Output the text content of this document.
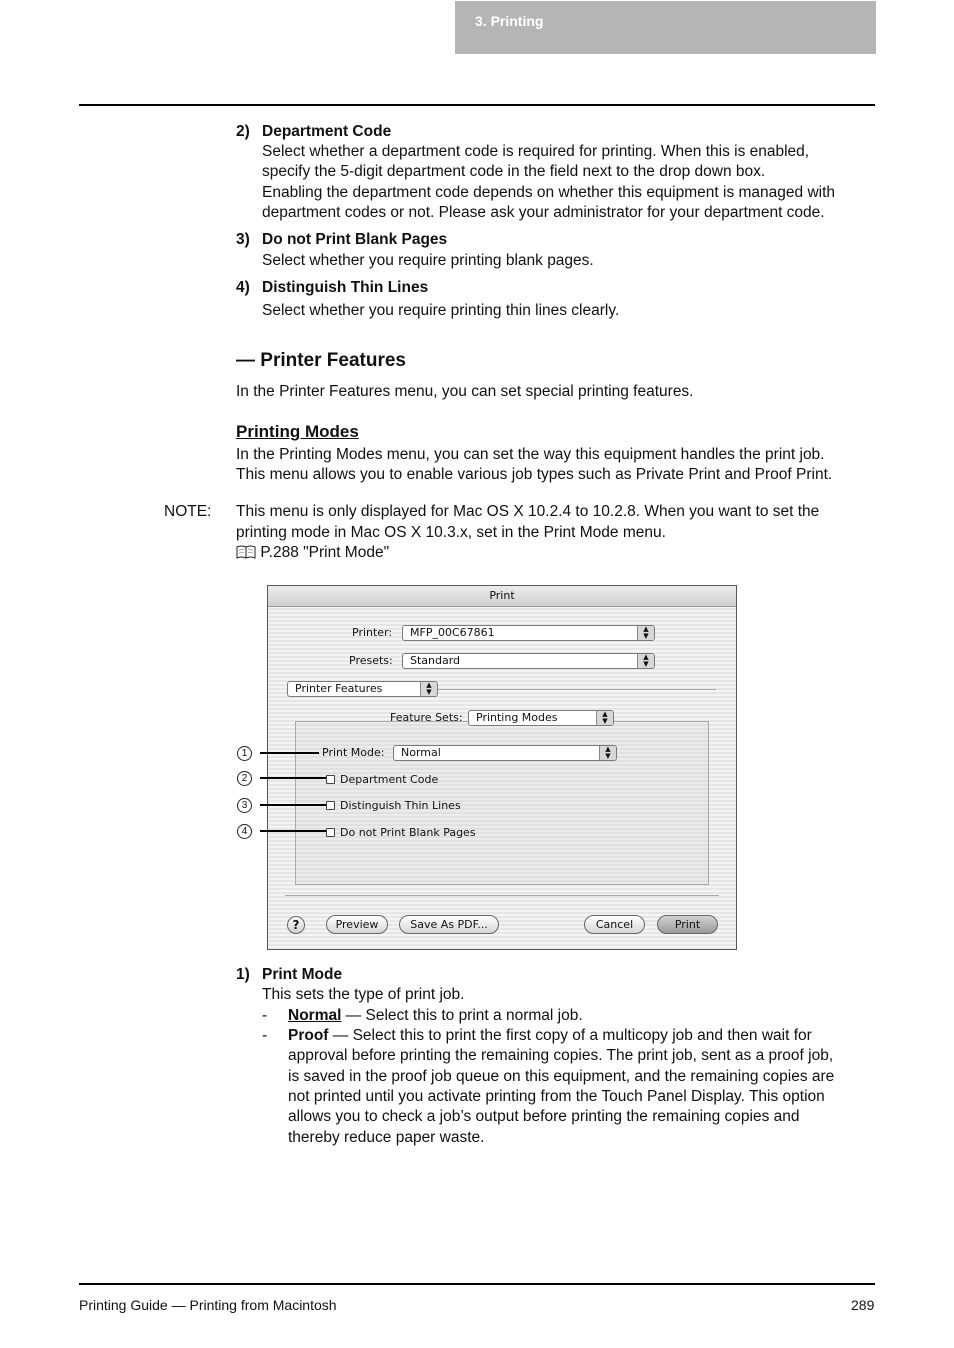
3. Printing
2) Department Code
Select whether a department code is required for printing. When this is enabled,
specify the 5-digit department code in the field next to the drop down box.
Enabling the department code depends on whether this equipment is managed with
department codes or not. Please ask your administrator for your department code.
3) Do not Print Blank Pages
Select whether you require printing blank pages.
4) Distinguish Thin Lines
Select whether you require printing thin lines clearly.
— Printer Features
In the Printer Features menu, you can set special printing features.
Printing Modes
In the Printing Modes menu, you can set the way this equipment handles the print job.
This menu allows you to enable various job types such as Private Print and Proof Print.
NOTE: This menu is only displayed for Mac OS X 10.2.4 to 10.2.8. When you want to set the
printing mode in Mac OS X 10.3.x, set in the Print Mode menu.
P.288 "Print Mode"
Print
Printer:	MFP_00C67861	▲
▼
Presets:	Standard	▲
▼
Printer Features	▲
▼
Feature Sets:	Printing Modes	▲
▼
Print Mode:	Normal	▲
▼
Department Code
Distinguish Thin Lines
Do not Print Blank Pages
?	Preview	Save As PDF...	Cancel	Print
1
2
3
4
1) Print Mode
This sets the type of print job.
- Normal — Select this to print a normal job.
- Proof — Select this to print the first copy of a multicopy job and then wait for
approval before printing the remaining copies. The print job, sent as a proof job,
is saved in the proof job queue on this equipment, and the remaining copies are
not printed until you activate printing from the Touch Panel Display. This option
allows you to check a job’s output before printing the remaining copies and
thereby reduce paper waste.
Printing Guide — Printing from Macintosh	289
